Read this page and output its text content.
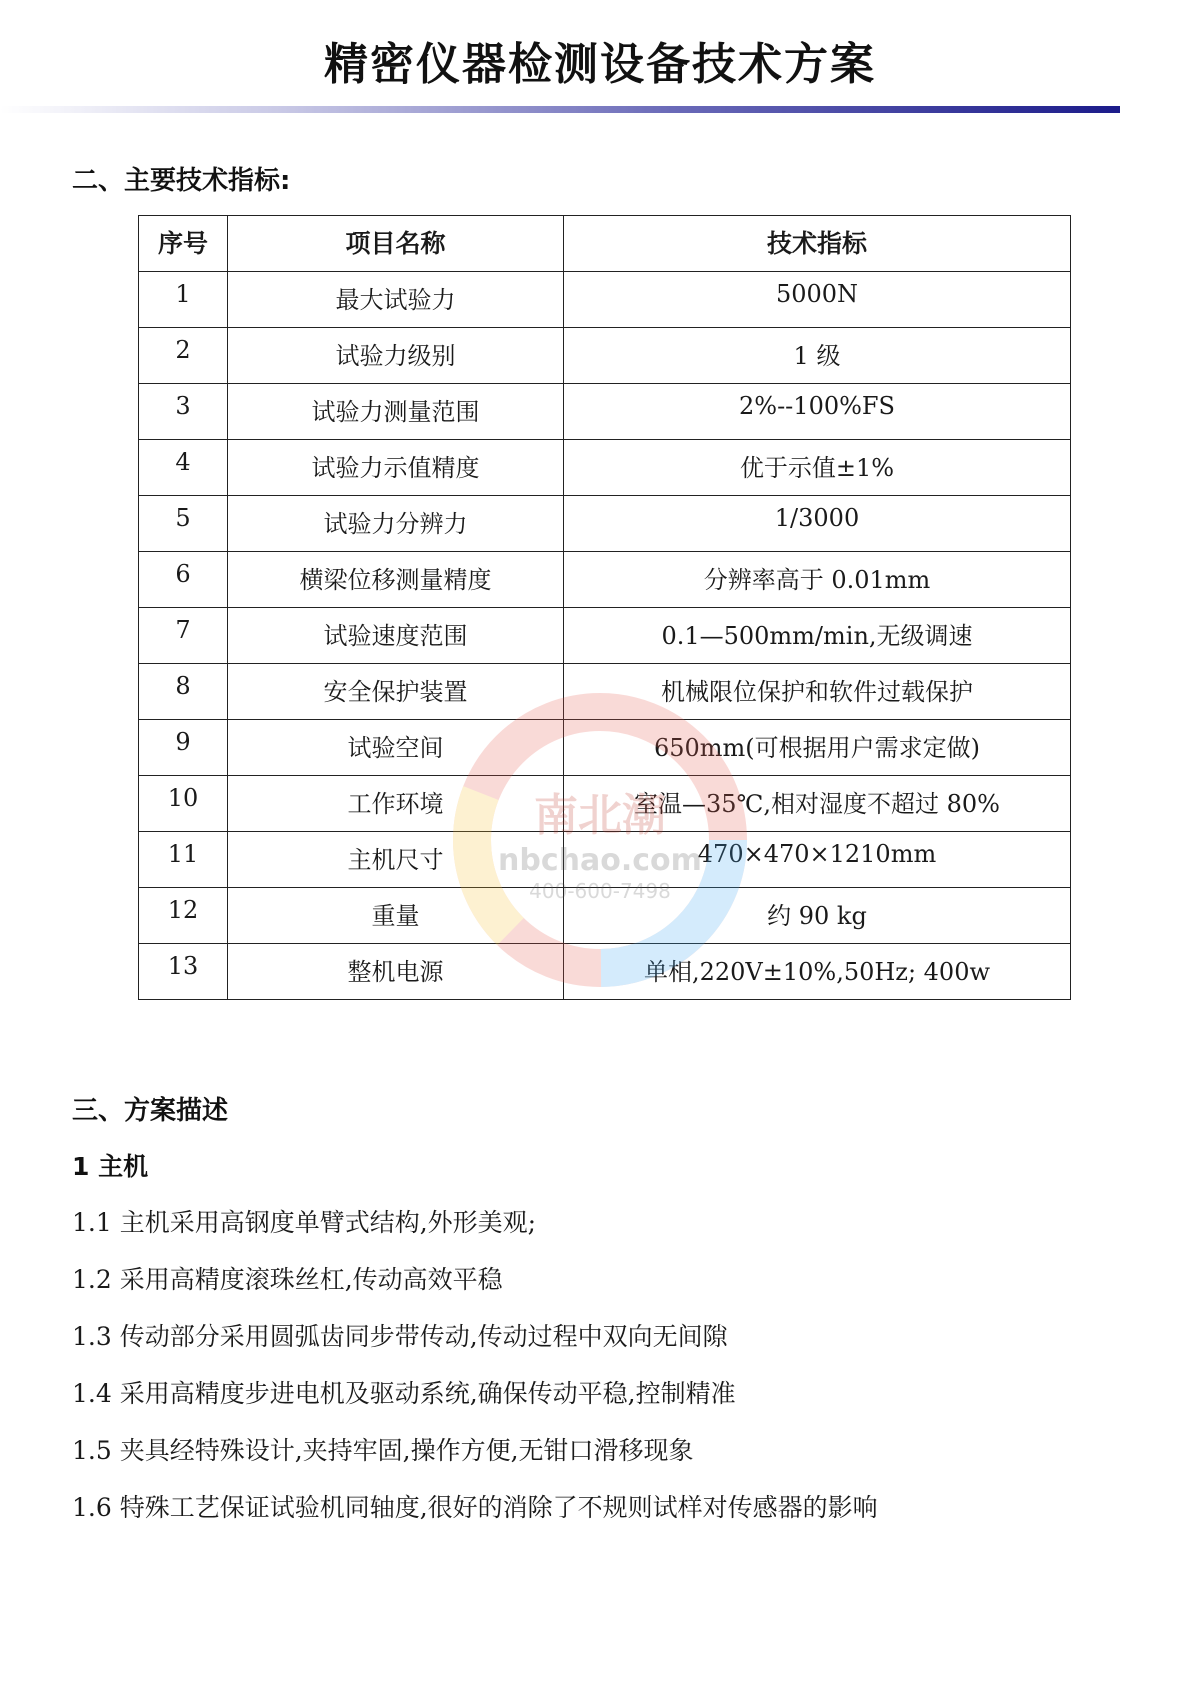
精密仪器检测设备技术方案
二、主要技术指标:
序号	项目名称	技术指标
1	最大试验力	5000N
2	试验力级别	1 级
3	试验力测量范围	2%--100%FS
4	试验力示值精度	优于示值±1%
5	试验力分辨力	1/3000
6	横梁位移测量精度	分辨率高于 0.01mm
7	试验速度范围	0.1—500mm/min,无级调速
8	安全保护装置	机械限位保护和软件过载保护
9	试验空间	650mm(可根据用户需求定做)
10	工作环境	室温—35℃,相对湿度不超过 80%
11	主机尺寸	470×470×1210mm
12	重量	约 90 kg
13	整机电源	单相,220V±10%,50Hz; 400w
南北潮
nbchao.com
400-600-7498
三、方案描述
1 主机
1.1 主机采用高钢度单臂式结构,外形美观;
1.2 采用高精度滚珠丝杠,传动高效平稳
1.3 传动部分采用圆弧齿同步带传动,传动过程中双向无间隙
1.4 采用高精度步进电机及驱动系统,确保传动平稳,控制精准
1.5 夹具经特殊设计,夹持牢固,操作方便,无钳口滑移现象
1.6 特殊工艺保证试验机同轴度,很好的消除了不规则试样对传感器的影响
